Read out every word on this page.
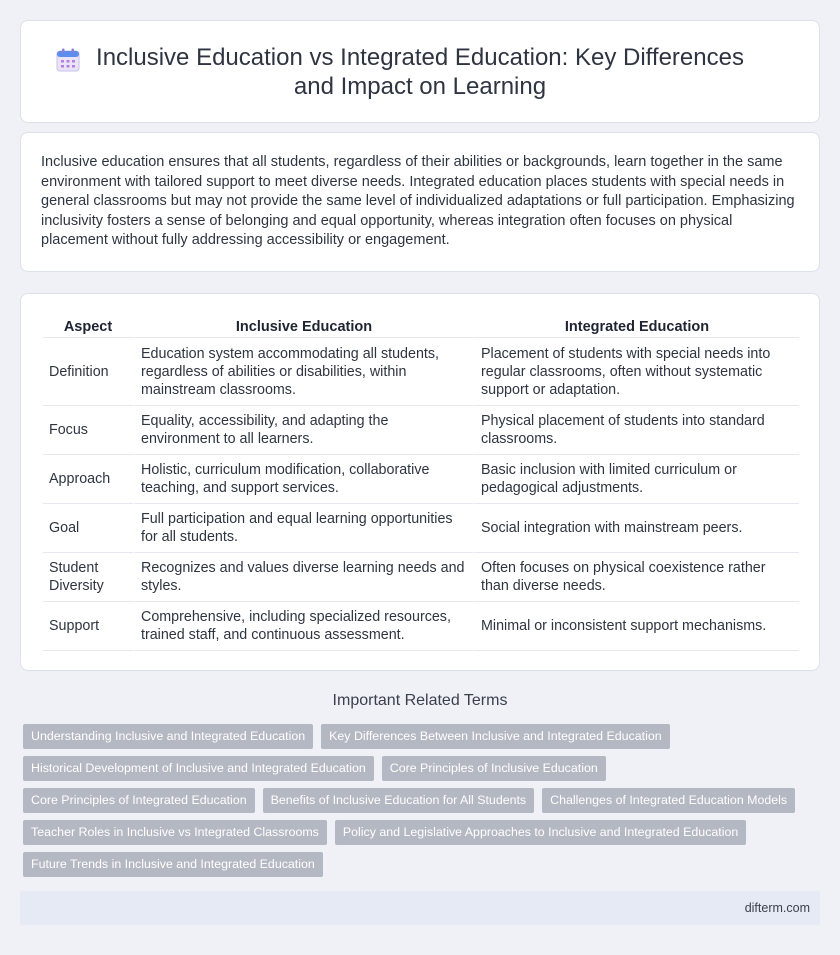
Inclusive Education vs Integrated Education: Key Differences and Impact on Learning

Inclusive education ensures that all students, regardless of their abilities or backgrounds, learn together in the same environment with tailored support to meet diverse needs. Integrated education places students with special needs in general classrooms but may not provide the same level of individualized adaptations or full participation. Emphasizing inclusivity fosters a sense of belonging and equal opportunity, whereas integration often focuses on physical placement without fully addressing accessibility or engagement.

Aspect	Inclusive Education	Integrated Education
Definition	Education system accommodating all students, regardless of abilities or disabilities, within mainstream classrooms.	Placement of students with special needs into regular classrooms, often without systematic support or adaptation.
Focus	Equality, accessibility, and adapting the environment to all learners.	Physical placement of students into standard classrooms.
Approach	Holistic, curriculum modification, collaborative teaching, and support services.	Basic inclusion with limited curriculum or pedagogical adjustments.
Goal	Full participation and equal learning opportunities for all students.	Social integration with mainstream peers.
Student Diversity	Recognizes and values diverse learning needs and styles.	Often focuses on physical coexistence rather than diverse needs.
Support	Comprehensive, including specialized resources, trained staff, and continuous assessment.	Minimal or inconsistent support mechanisms.
Important Related Terms
Understanding Inclusive and Integrated Education	Key Differences Between Inclusive and Integrated Education
Historical Development of Inclusive and Integrated Education	Core Principles of Inclusive Education
Core Principles of Integrated Education	Benefits of Inclusive Education for All Students	Challenges of Integrated Education Models
Teacher Roles in Inclusive vs Integrated Classrooms	Policy and Legislative Approaches to Inclusive and Integrated Education
Future Trends in Inclusive and Integrated Education
difterm.com
